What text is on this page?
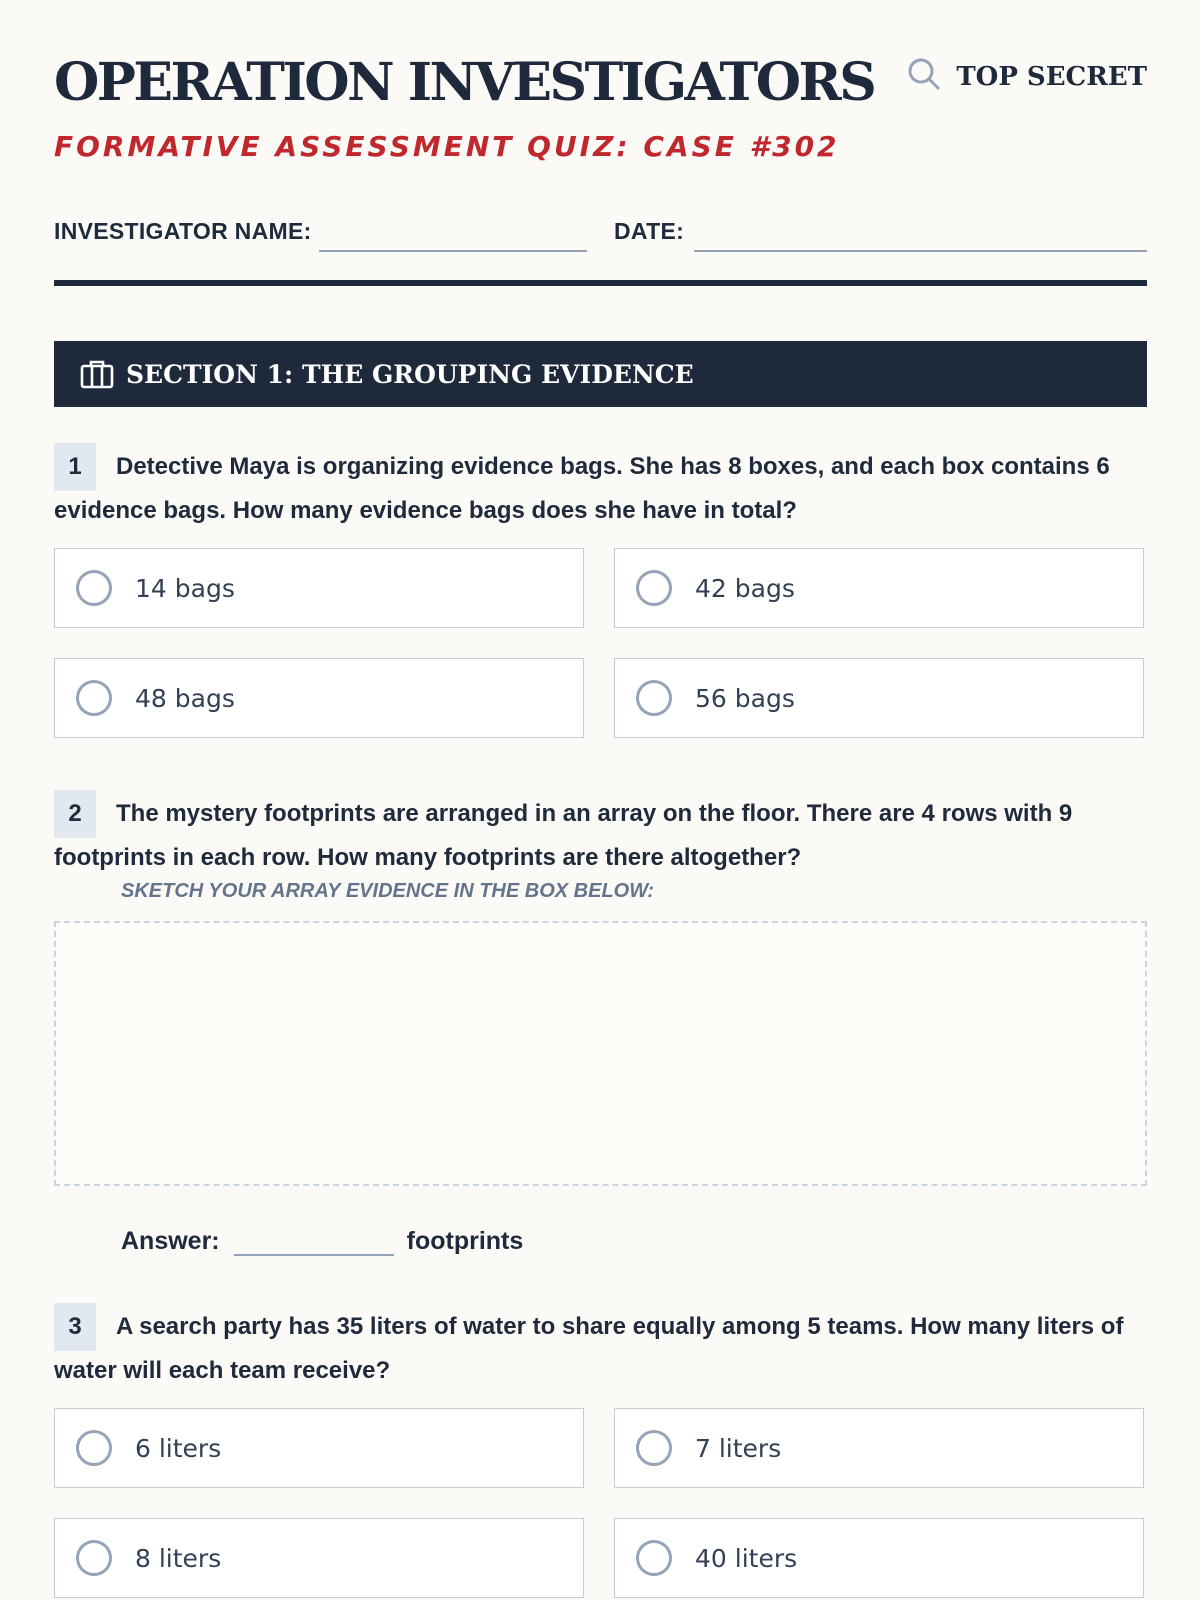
OPERATION INVESTIGATORS
FORMATIVE ASSESSMENT QUIZ: CASE #302
TOP SECRET
INVESTIGATOR NAME:	DATE:
SECTION 1: THE GROUPING EVIDENCE
1 Detective Maya is organizing evidence bags. She has 8 boxes, and each box contains 6 evidence bags. How many evidence bags does she have in total?
14 bags	42 bags
48 bags	56 bags
2 The mystery footprints are arranged in an array on the floor. There are 4 rows with 9 footprints in each row. How many footprints are there altogether?
SKETCH YOUR ARRAY EVIDENCE IN THE BOX BELOW:
Answer:	footprints
3 A search party has 35 liters of water to share equally among 5 teams. How many liters of water will each team receive?
6 liters	7 liters
8 liters	40 liters
